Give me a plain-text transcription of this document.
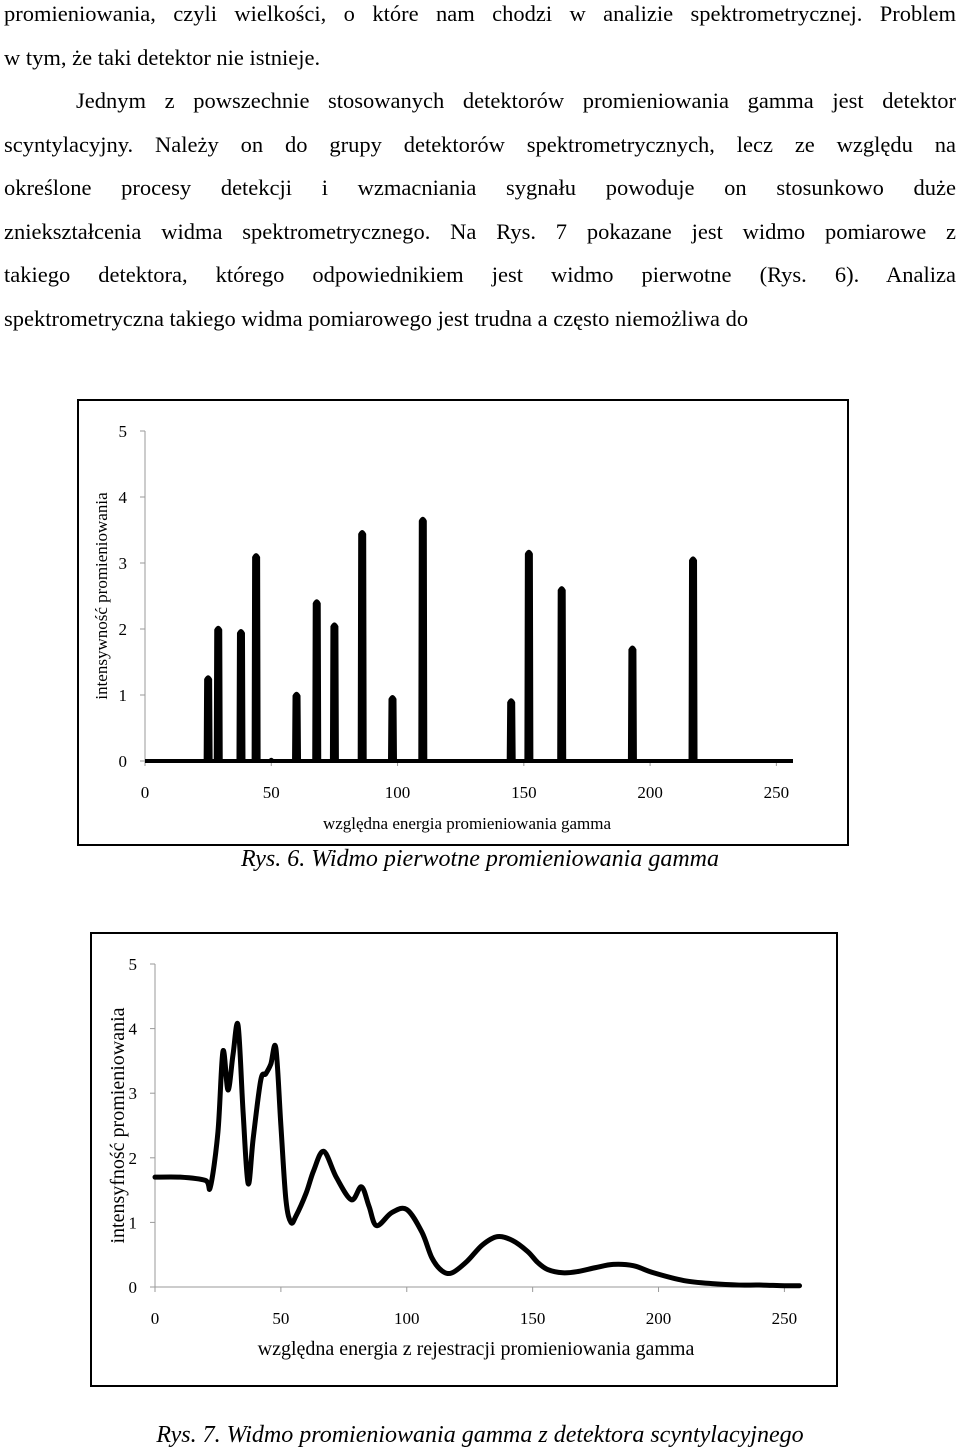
promieniowania, czyli wielkości, o które nam chodzi w analizie spektrometrycznej. Problem
w tym, że taki detektor nie istnieje.
Jednym z powszechnie stosowanych detektorów promieniowania gamma jest detektor
scyntylacyjny. Należy on do grupy detektorów spektrometrycznych, lecz ze względu na
określone procesy detekcji i wzmacniania sygnału powoduje on stosunkowo duże
zniekształcenia widma spektrometrycznego. Na Rys. 7 pokazane jest widmo pomiarowe z
takiego detektora, którego odpowiednikiem jest widmo pierwotne (Rys. 6). Analiza
spektrometryczna takiego widma pomiarowego jest trudna a często niemożliwa do
0
1
2
3
4
5
0	50	100	150	200	250
względna energia promieniowania gamma
intensywność promieniowania
Rys. 6. Widmo pierwotne promieniowania gamma
0
1
2
3
4
5
0	50	100	150	200	250
względna energia z rejestracji promieniowania gamma
intensyfność promieniowania
Rys. 7. Widmo promieniowania gamma z detektora scyntylacyjnego
